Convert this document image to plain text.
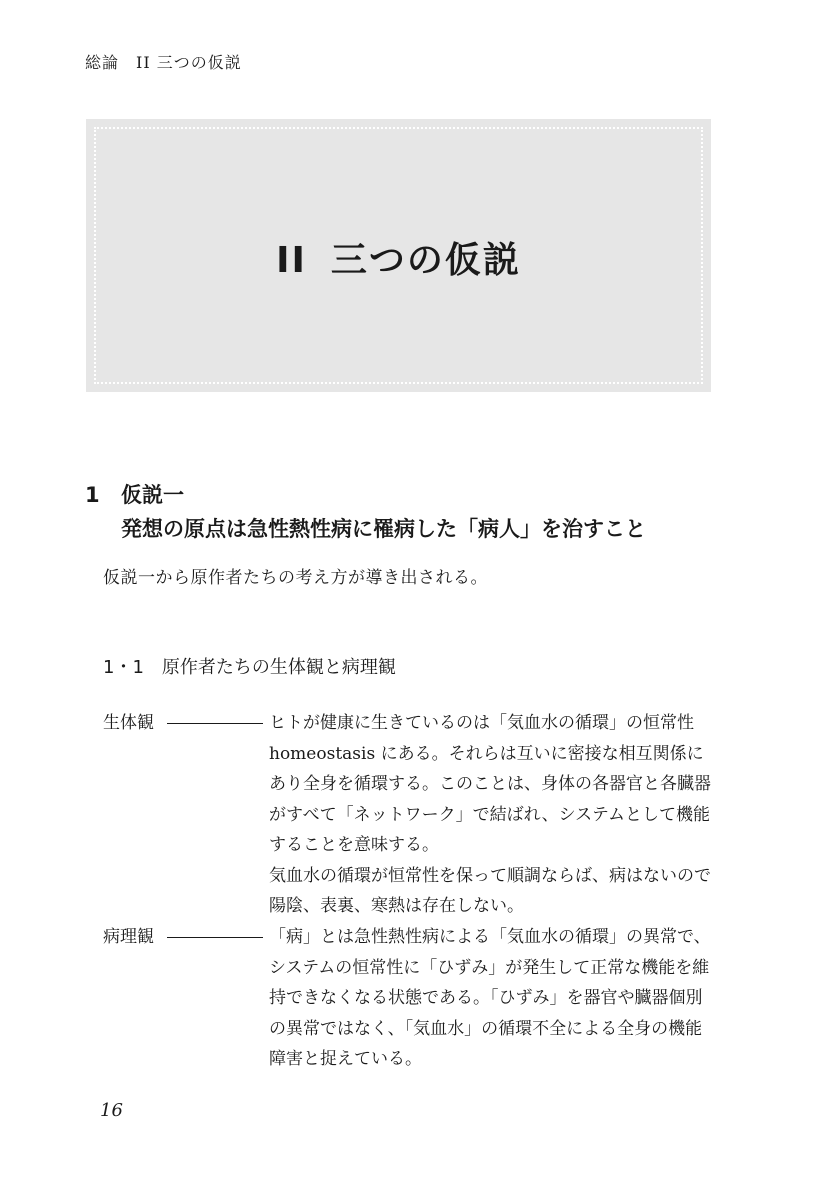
総論　II 三つの仮説
II 三つの仮説
1 仮説一
発想の原点は急性熱性病に罹病した「病人」を治すこと
仮説一から原作者たちの考え方が導き出される。
1・1 原作者たちの生体観と病理観
生体観	ヒトが健康に生きているのは「気血水の循環」の恒常性 homeostasis にある。それらは互いに密接な相互関係にあり全身を循環する。このことは、身体の各器官と各臓器がすべて「ネットワーク」で結ばれ、システムとして機能することを意味する。

気血水の循環が恒常性を保って順調ならば、病はないので陽陰、表裏、寒熱は存在しない。

病理観	「病」とは急性熱性病による「気血水の循環」の異常で、システムの恒常性に「ひずみ」が発生して正常な機能を維持できなくなる状態である。「ひずみ」を器官や臓器個別の異常ではなく、「気血水」の循環不全による全身の機能障害と捉えている。

16
